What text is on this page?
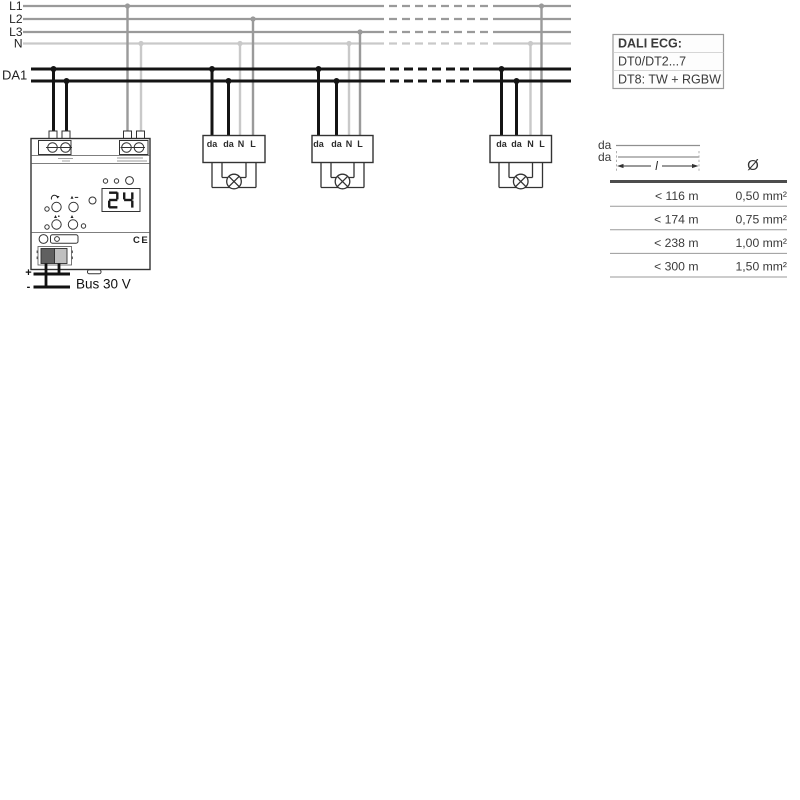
L1
L2
L3
N
DA1
da da N L	da da N L	da da N L
CE
+
-	Bus 30 V
DALI ECG:
DT0/DT2...7
DT8: TW + RGBW
da
da
l	Ø
< 116 m	0,50 mm²
< 174 m	0,75 mm²
< 238 m	1,00 mm²
< 300 m	1,50 mm²
